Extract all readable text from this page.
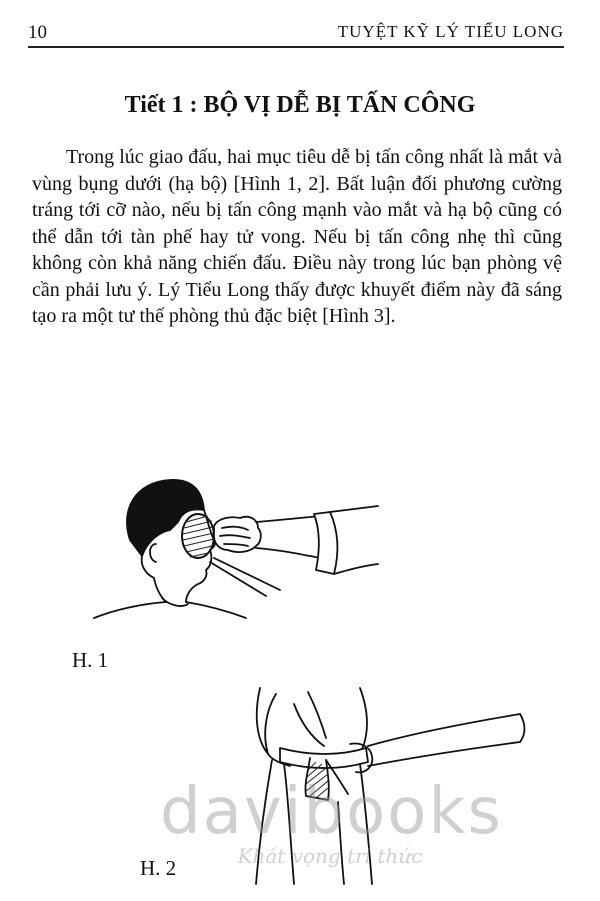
10	TUYỆT KỸ LÝ TIỂU LONG
Tiết 1 : BỘ VỊ DỄ BỊ TẤN CÔNG

Trong lúc giao đấu, hai mục tiêu dễ bị tấn công nhất là mắt và vùng bụng dưới (hạ bộ) [Hình 1, 2]. Bất luận đối phương cường tráng tới cỡ nào, nếu bị tấn công mạnh vào mắt và hạ bộ cũng có thể dẫn tới tàn phế hay tử vong. Nếu bị tấn công nhẹ thì cũng không còn khả năng chiến đấu. Điều này trong lúc bạn phòng vệ cần phải lưu ý. Lý Tiểu Long thấy được khuyết điểm này đã sáng tạo ra một tư thế phòng thủ đặc biệt [Hình 3].

H. 1
H. 2
davibooks
Khát vọng tri thức
